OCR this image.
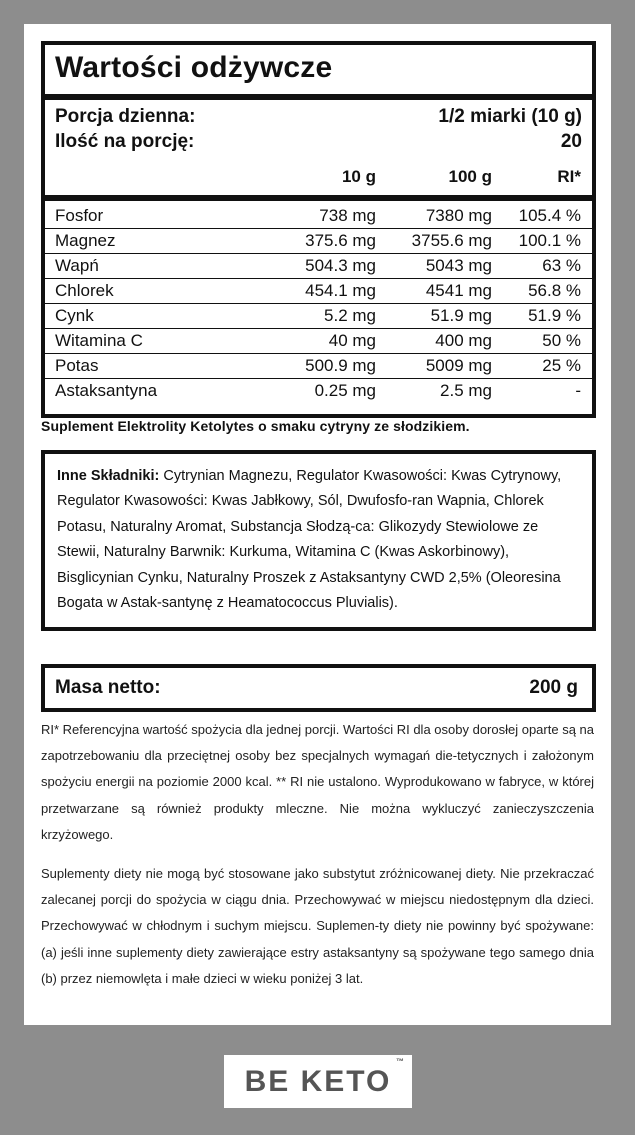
Wartości odżywcze
Porcja dzienna:	1/2 miarki (10 g)
Ilość na porcję:	20
10 g	100 g	RI*
Fosfor	738 mg	7380 mg 105.4 %
Magnez	375.6 mg 3755.6 mg 100.1 %
Wapń	504.3 mg	5043 mg	63 %
Chlorek	454.1 mg	4541 mg 56.8 %
Cynk	5.2 mg	51.9 mg 51.9 %
Witamina C	40 mg	400 mg	50 %
Potas	500.9 mg	5009 mg	25 %
Astaksantyna	0.25 mg	2.5 mg	-
Suplement Elektrolity Ketolytes o smaku cytryny ze słodzikiem.
Inne Składniki: Cytrynian Magnezu, Regulator Kwasowości: Kwas Cytrynowy, Regulator Kwasowości: Kwas Jabłkowy, Sól, Dwufosfo-ran Wapnia, Chlorek Potasu, Naturalny Aromat, Substancja Słodzą-ca: Glikozydy Stewiolowe ze Stewii, Naturalny Barwnik: Kurkuma, Witamina C (Kwas Askorbinowy), Bisglicynian Cynku, Naturalny Proszek z Astaksantyny CWD 2,5% (Oleoresina Bogata w Astak-santynę z Heamatococcus Pluvialis).
Masa netto:	200 g
RI* Referencyjna wartość spożycia dla jednej porcji. Wartości RI dla osoby dorosłej oparte są na zapotrzebowaniu dla przeciętnej osoby bez specjalnych wymagań die-tetycznych i założonym spożyciu energii na poziomie 2000 kcal. ** RI nie ustalono. Wyprodukowano w fabryce, w której przetwarzane są również produkty mleczne. Nie można wykluczyć zanieczyszczenia krzyżowego.
Suplementy diety nie mogą być stosowane jako substytut zróżnicowanej diety. Nie przekraczać zalecanej porcji do spożycia w ciągu dnia. Przechowywać w miejscu niedostępnym dla dzieci. Przechowywać w chłodnym i suchym miejscu. Suplemen-ty diety nie powinny być spożywane: (a) jeśli inne suplementy diety zawierające estry astaksantyny są spożywane tego samego dnia (b) przez niemowlęta i małe dzieci w wieku poniżej 3 lat.
BE KETO
™
